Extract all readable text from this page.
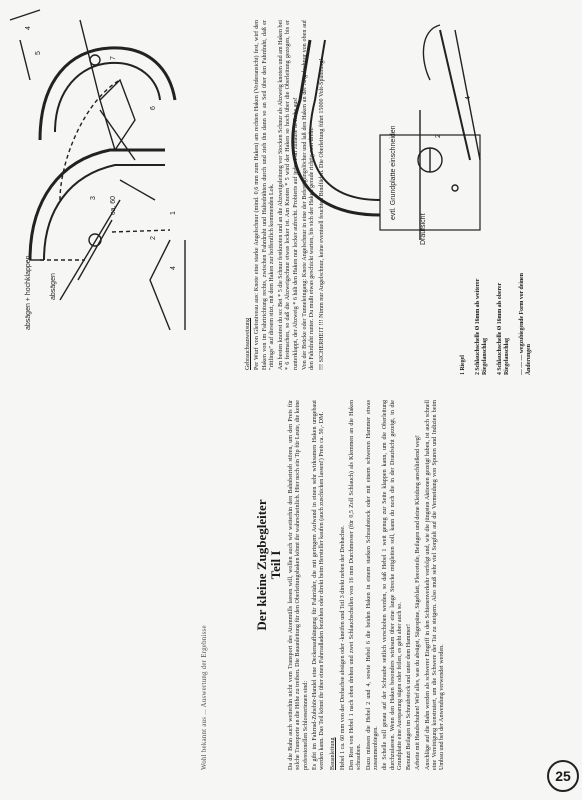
Wohl bekannt aus ... Auswertung der Ergebnisse
Der kleine Zugbegleiter Teil I Da die Bahn auch weiterhin nicht vom Transport des Atommülls lassen will, wollen auch wir weiterhin den Bahnbetrieb stören, um den Preis für solche Transporte an die Höhe zu treiben. Die Bauanleitung für den Oberleitungshaken könnt ihr wahrscheinlich. Hier noch ein Tip für Leute, die keine professionellen Schlosserinnen sind: Es gibt im Fahrrad-Zubehör-Handel eine Deckenaufhängung für Fahrräder, die mit geringem Aufwand in einen sehr wirksamen Haken umgebaut werden kann. Das Teil könnt ihr über einen Fahrradladen beziehen oder direkt beim Hersteller kaufen (auch zuschicken lassen!) Preis ca. 50,- DM. Bauanleitung Hebel 1 ca. 60 mm von der Drehachse absägen oder -kneifen und Teil 3 direkt neben der Drehachse. Den Rest von Hebel 1 nach oben drehen und zwei Schlauchschellen von 16 mm Durchmesser (für 0,5 Zoll Schlauch) als Klemmen an die Haken schrauben. Dazu müssen die Hebel 2 und 4, sowie Hebel 6 die beiden Haken in einem starken Schraubstock oder mit einem schweren Hammer etwas zusammenbiegen. die Schelle soll genau auf der Schraube seitlich verschoben werden, so daß Hebel 1 weit genug zur Seite klappen kann, um die Oberleitung durchzulassen. Wenn den Haken besonders wirksam über eine lange Strecke mitgleiten soll, kann du noch die in der Draufsicht gezeigt, in die Grundplatte eine Aussparung sägen oder feilen, es geht aber auch so. Benutzt Beilagen im Schraubstock und unter dem Hammer! Arbeite mit Handschuhen! Wirf alles, was du absägst, Sägespäne, Sägeblatt, Fleeceteile, Beilagen und deine Kleidung anschließend weg! Anschläge auf die Bahn werden als schwerer Eingriff in den Schienenverkehr verfolgt und, wie die jüngsten Aktionen gezeigt haben, ist auch schnell eine Vereinigung konstruiert, um die Schwere der Tat zu steigern. Also muß sehr viel Sorgfalt auf die Vermeidung von Spuren und Indizien beim Umbau und bei der Anwendung verwendet werden.

Gebrauchsanweisung Per Wurf von Gleisniveau aus: Knote eine starke Angelschnur (mind. 0,6 mm zum Haken) am rechten Haken (Vorderansicht) fest, wirf den Haken von im Fahrtrichtung rechts, zwischen Fahrdraht und Haltedrähten durch und zieh ihn dann so an Seil über den Fahrdraht, daß er "rittlings" auf diesem sitzt, mit dem Haken zur hoffentlich kommenden Lok. Am besten knotest du so: Bei * 5 die Schnur festknoten und an die Abzweigsleitung vor Stocken Schnur als Abzweig knoten und am Haken bei * 6 festmachen, so daß die Abzweigschnur etwas locker ist. Am Knoten * 5 wird der Haken so hoch über die Oberleitung gezogen, bis er runterklappt, der Abzweig * 6 hält den Haken nur locker aufrecht. Probierts auf jeden Fall zuhause in Ruhe aus! Von der Brücke oder Tunneleingang: Knote Angelschnur in eine der Befestigungslöcher und laß den Haken an der Angelschnur von oben auf den Fahrdraht runter. Du mußt etwas geschickt warten, bis sich der Haken gerade richtig rum dreht. !!! SICHERHEIT !!! Nimm nur Angelschnur, keine eventuell feuchten Bindfäden. Die Oberleitung führt 15000 Volt-Spannung!	1 Riegel 2 Schlauchschelle Ø 16mm als weiterer Riegelanschlag 4 Schlauchschelle Ø 16mm als oberer Riegelanschlag — — — wegzubiegende Form vor deinen Änderungen
3
1
2
4
ca. 60
absägen
absägen + hochklappen
5
4
6
7
Draufsicht
evtl. Grundplatte einschneiden	2
4
25
